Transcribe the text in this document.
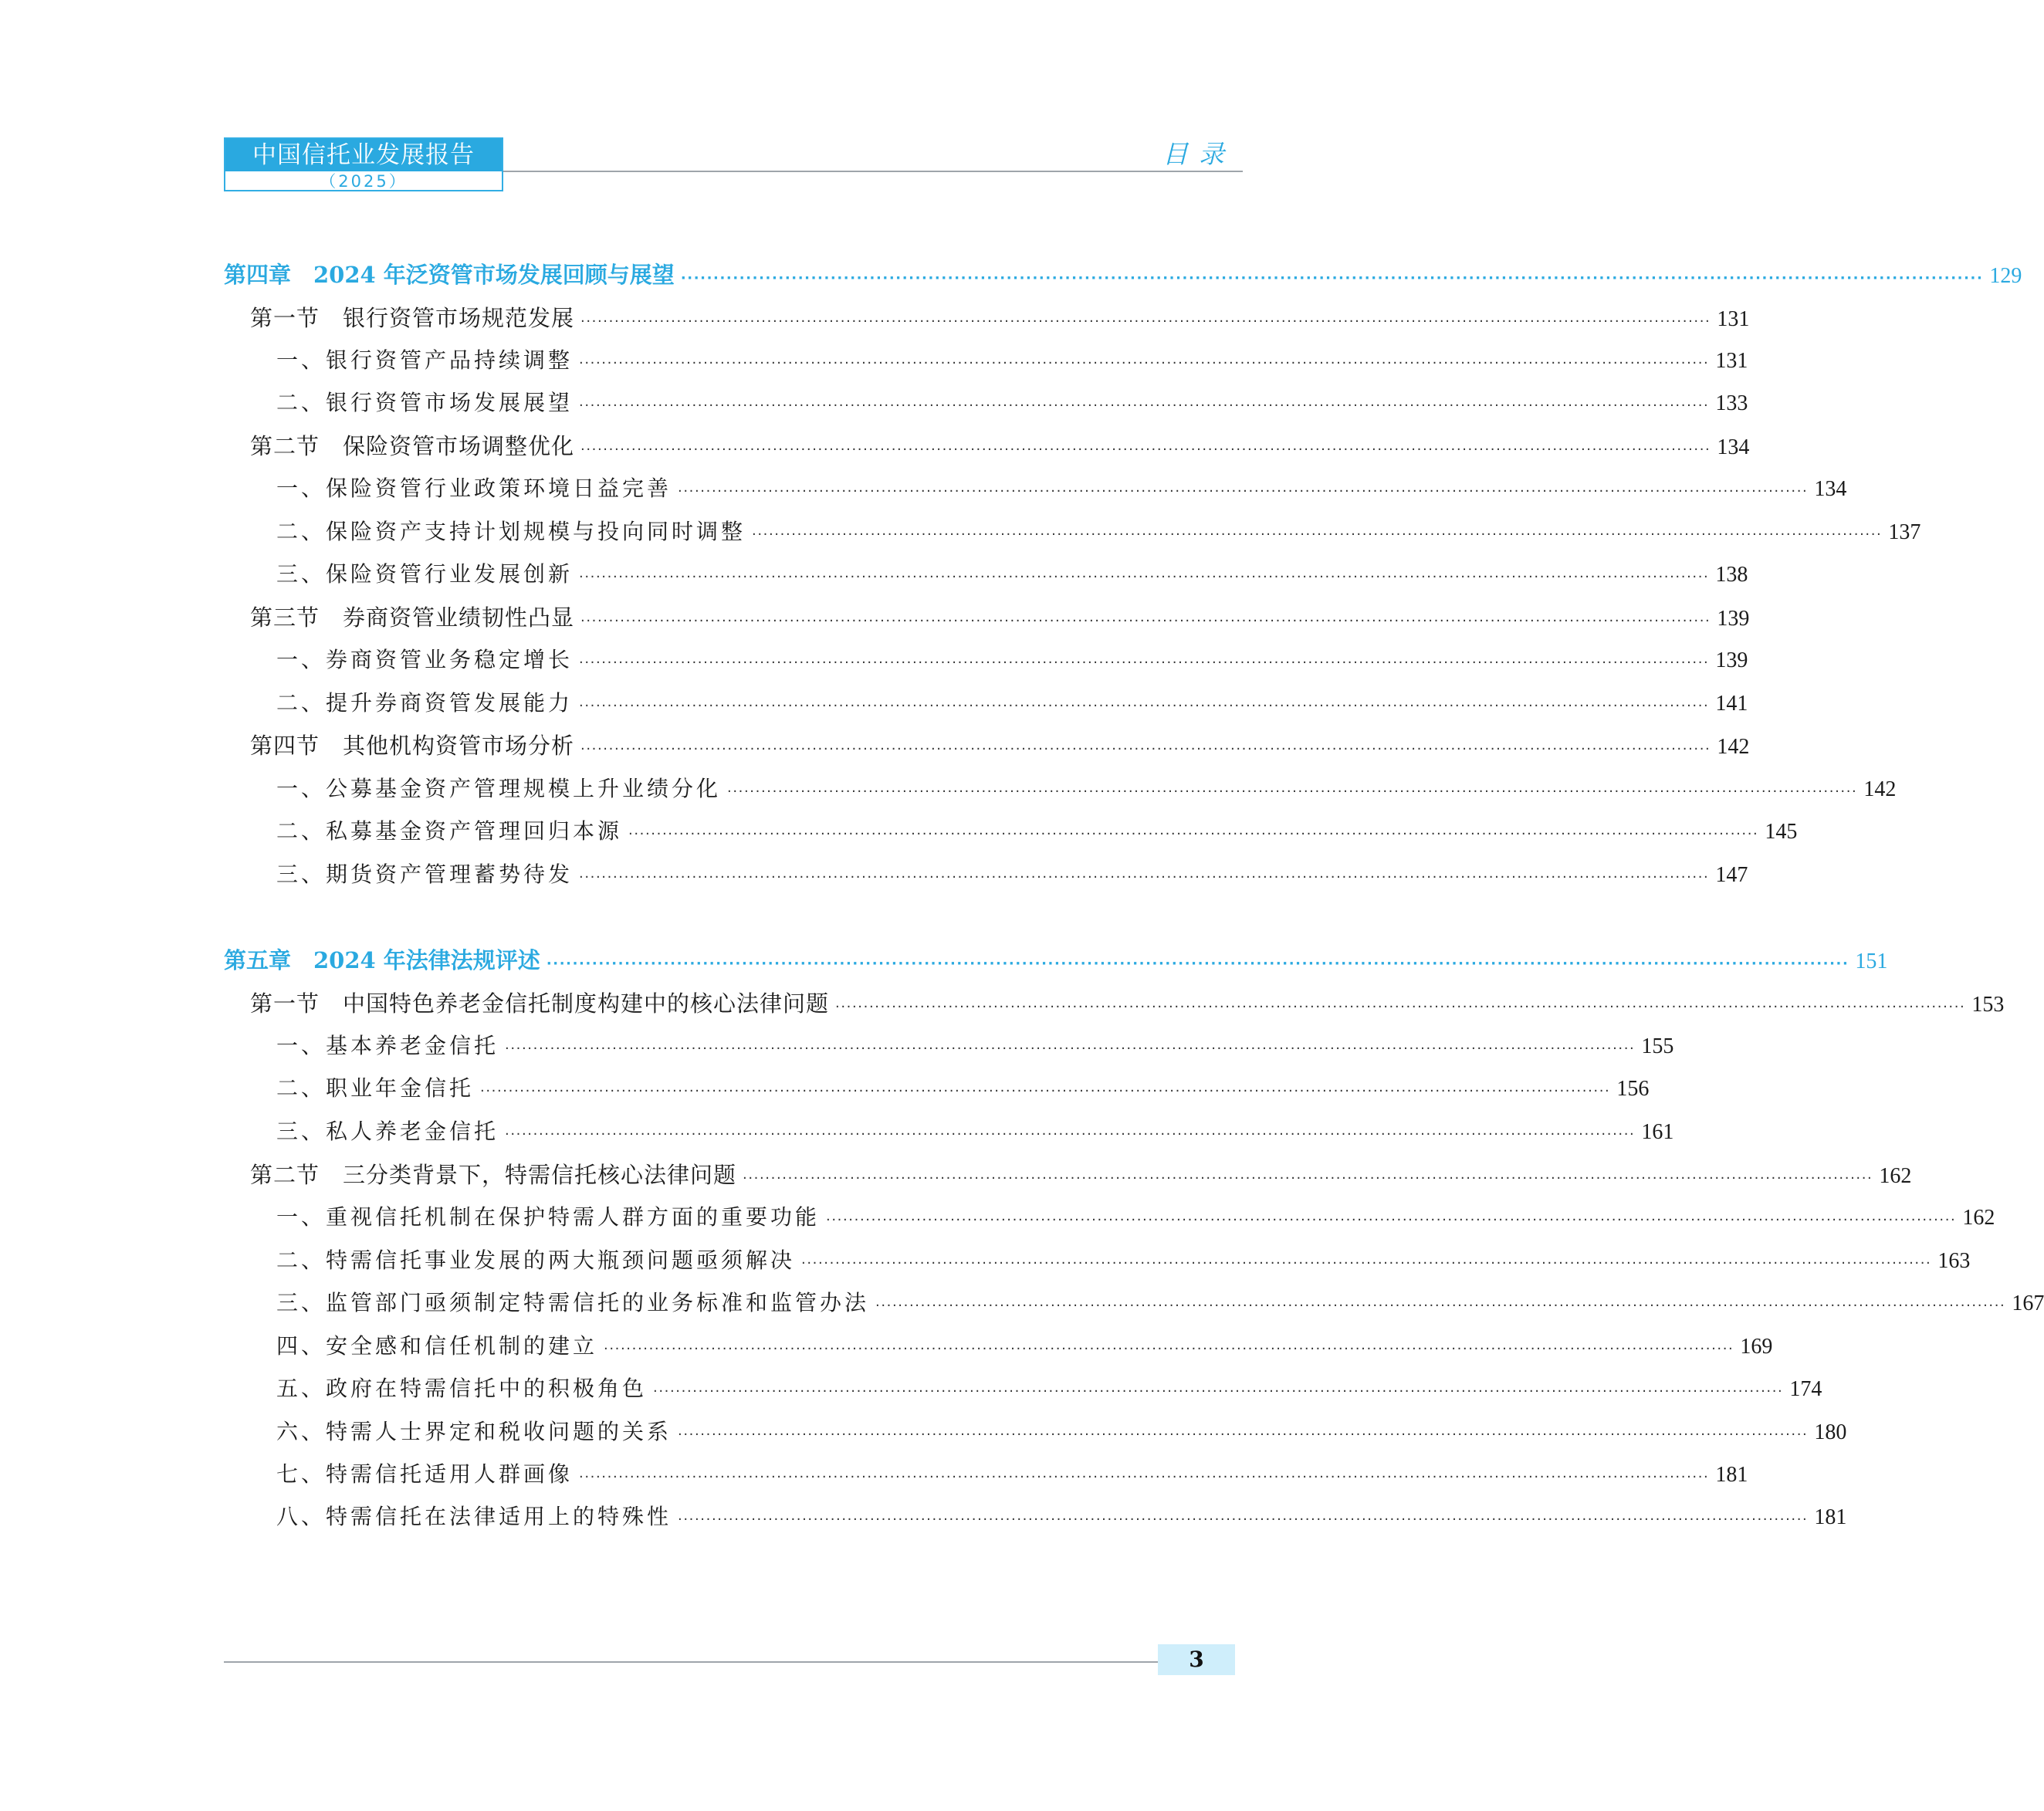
中国信托业发展报告
（2025）
目录
第四章　2024 年泛资管市场发展回顾与展望 ········································································································································································································ 129
第一节　银行资管市场规范发展 ········································································································································································································ 131
一、银行资管产品持续调整 ········································································································································································································ 131
二、银行资管市场发展展望 ········································································································································································································ 133
第二节　保险资管市场调整优化 ········································································································································································································ 134
一、保险资管行业政策环境日益完善 ········································································································································································································ 134
二、保险资产支持计划规模与投向同时调整 ········································································································································································································ 137
三、保险资管行业发展创新 ········································································································································································································ 138
第三节　券商资管业绩韧性凸显 ········································································································································································································ 139
一、券商资管业务稳定增长 ········································································································································································································ 139
二、提升券商资管发展能力 ········································································································································································································ 141
第四节　其他机构资管市场分析 ········································································································································································································ 142
一、公募基金资产管理规模上升业绩分化 ········································································································································································································ 142
二、私募基金资产管理回归本源 ········································································································································································································ 145
三、期货资产管理蓄势待发 ········································································································································································································ 147
第五章　2024 年法律法规评述 ········································································································································································································ 151
第一节　中国特色养老金信托制度构建中的核心法律问题 ········································································································································································································ 153
一、基本养老金信托 ········································································································································································································ 155
二、职业年金信托 ········································································································································································································ 156
三、私人养老金信托 ········································································································································································································ 161
第二节　三分类背景下，特需信托核心法律问题 ········································································································································································································ 162
一、重视信托机制在保护特需人群方面的重要功能 ········································································································································································································ 162
二、特需信托事业发展的两大瓶颈问题亟须解决 ········································································································································································································ 163
三、监管部门亟须制定特需信托的业务标准和监管办法 ········································································································································································································ 167
四、安全感和信任机制的建立 ········································································································································································································ 169
五、政府在特需信托中的积极角色 ········································································································································································································ 174
六、特需人士界定和税收问题的关系 ········································································································································································································ 180
七、特需信托适用人群画像 ········································································································································································································ 181
八、特需信托在法律适用上的特殊性 ········································································································································································································ 181
3
